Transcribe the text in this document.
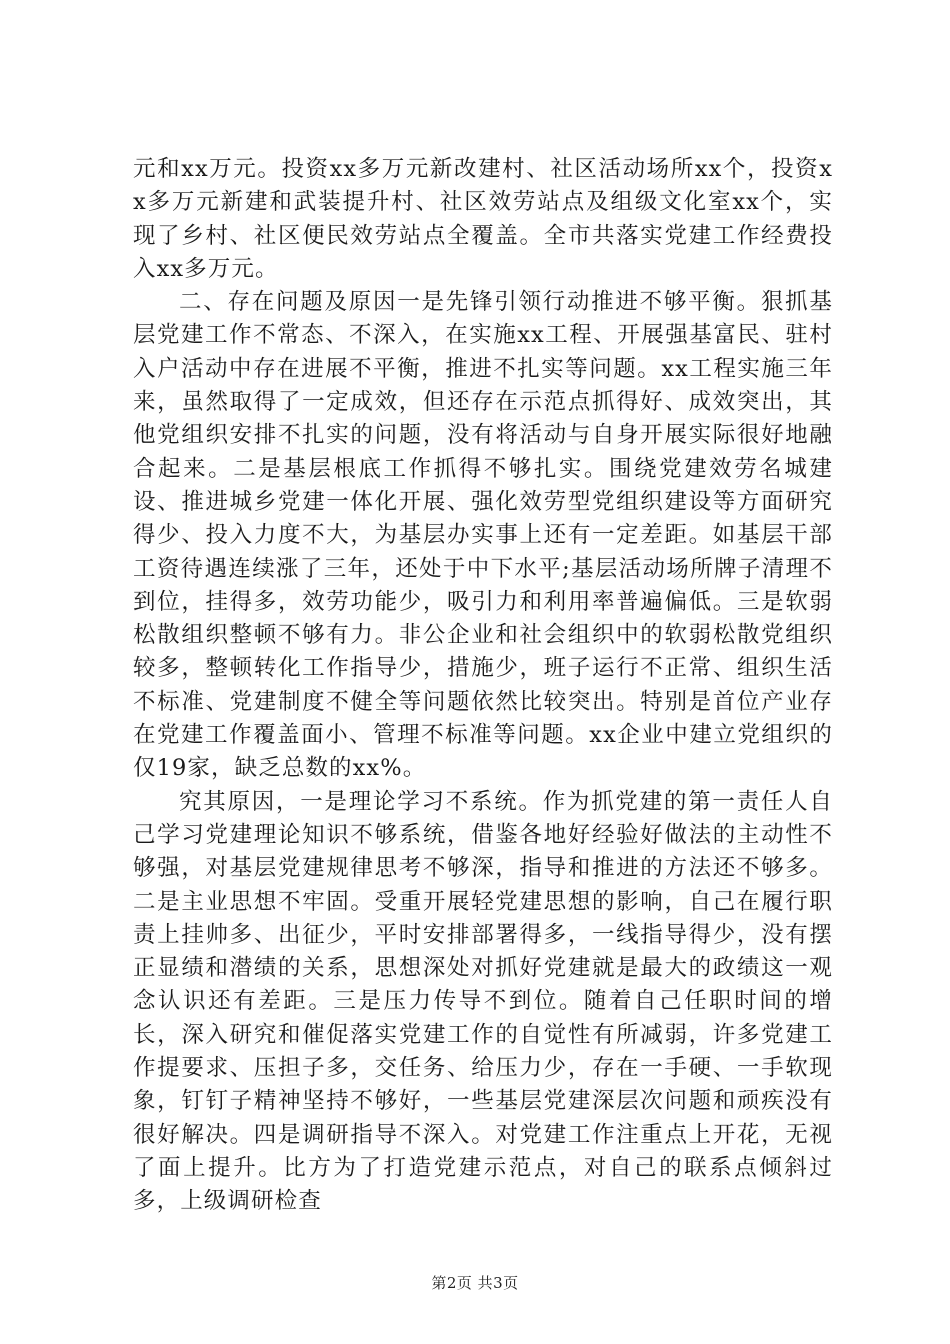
元和xx万元。投资xx多万元新改建村、社区活动场所xx个，投资xx多万元新建和武装提升村、社区效劳站点及组级文化室xx个，实现了乡村、社区便民效劳站点全覆盖。全市共落实党建工作经费投入xx多万元。

二、存在问题及原因一是先锋引领行动推进不够平衡。狠抓基层党建工作不常态、不深入，在实施xx工程、开展强基富民、驻村入户活动中存在进展不平衡，推进不扎实等问题。xx工程实施三年来，虽然取得了一定成效，但还存在示范点抓得好、成效突出，其他党组织安排不扎实的问题，没有将活动与自身开展实际很好地融合起来。二是基层根底工作抓得不够扎实。围绕党建效劳名城建设、推进城乡党建一体化开展、强化效劳型党组织建设等方面研究得少、投入力度不大，为基层办实事上还有一定差距。如基层干部工资待遇连续涨了三年，还处于中下水平;基层活动场所牌子清理不到位，挂得多，效劳功能少，吸引力和利用率普遍偏低。三是软弱松散组织整顿不够有力。非公企业和社会组织中的软弱松散党组织较多，整顿转化工作指导少，措施少，班子运行不正常、组织生活不标准、党建制度不健全等问题依然比较突出。特别是首位产业存在党建工作覆盖面小、管理不标准等问题。xx企业中建立党组织的仅19家，缺乏总数的xx%。

究其原因，一是理论学习不系统。作为抓党建的第一责任人自己学习党建理论知识不够系统，借鉴各地好经验好做法的主动性不够强，对基层党建规律思考不够深，指导和推进的方法还不够多。二是主业思想不牢固。受重开展轻党建思想的影响，自己在履行职责上挂帅多、出征少，平时安排部署得多，一线指导得少，没有摆正显绩和潜绩的关系，思想深处对抓好党建就是最大的政绩这一观念认识还有差距。三是压力传导不到位。随着自己任职时间的增长，深入研究和催促落实党建工作的自觉性有所减弱，许多党建工作提要求、压担子多，交任务、给压力少，存在一手硬、一手软现象，钉钉子精神坚持不够好，一些基层党建深层次问题和顽疾没有很好解决。四是调研指导不深入。对党建工作注重点上开花，无视了面上提升。比方为了打造党建示范点，对自己的联系点倾斜过多，上级调研检查

第2页 共3页
